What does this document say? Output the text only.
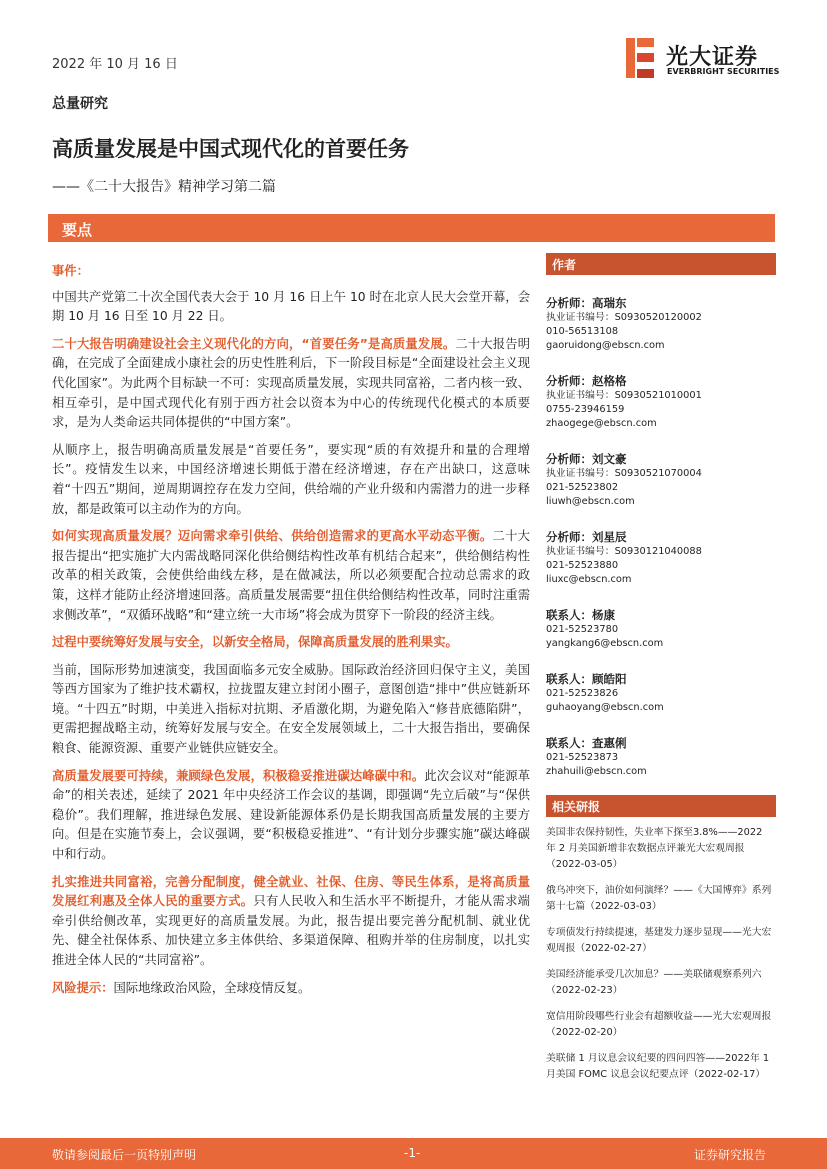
2022 年 10 月 16 日	光大证券
EVERBRIGHT SECURITIES
总量研究
高质量发展是中国式现代化的首要任务
——《二十大报告》精神学习第二篇
要点

事件：

中国共产党第二十次全国代表大会于 10 月 16 日上午 10 时在北京人民大会堂开幕，会期 10 月 16 日至 10 月 22 日。

二十大报告明确建设社会主义现代化的方向，“首要任务”是高质量发展。二十大报告明确，在完成了全面建成小康社会的历史性胜利后，下一阶段目标是“全面建设社会主义现代化国家”。为此两个目标缺一不可：实现高质量发展，实现共同富裕，二者内核一致、相互牵引，是中国式现代化有别于西方社会以资本为中心的传统现代化模式的本质要求，是为人类命运共同体提供的“中国方案”。

从顺序上，报告明确高质量发展是“首要任务”，要实现“质的有效提升和量的合理增长”。疫情发生以来，中国经济增速长期低于潜在经济增速，存在产出缺口，这意味着“十四五”期间，逆周期调控存在发力空间，供给端的产业升级和内需潜力的进一步释放，都是政策可以主动作为的方向。

如何实现高质量发展？迈向需求牵引供给、供给创造需求的更高水平动态平衡。二十大报告提出“把实施扩大内需战略同深化供给侧结构性改革有机结合起来”，供给侧结构性改革的相关政策，会使供给曲线左移，是在做减法，所以必须要配合拉动总需求的政策，这样才能防止经济增速回落。高质量发展需要“扭住供给侧结构性改革，同时注重需求侧改革”，“双循环战略”和“建立统一大市场”将会成为贯穿下一阶段的经济主线。

过程中要统筹好发展与安全，以新安全格局，保障高质量发展的胜利果实。

当前，国际形势加速演变，我国面临多元安全威胁。国际政治经济回归保守主义，美国等西方国家为了维护技术霸权，拉拢盟友建立封闭小圈子，意图创造“排中”供应链新环境。“十四五”时期，中美进入指标对抗期、矛盾激化期，为避免陷入“修昔底德陷阱”，更需把握战略主动，统筹好发展与安全。在安全发展领域上，二十大报告指出，要确保粮食、能源资源、重要产业链供应链安全。

高质量发展要可持续，兼顾绿色发展，积极稳妥推进碳达峰碳中和。此次会议对“能源革命”的相关表述，延续了 2021 年中央经济工作会议的基调，即强调“先立后破”与“保供稳价”。我们理解，推进绿色发展、建设新能源体系仍是长期我国高质量发展的主要方向。但是在实施节奏上，会议强调，要“积极稳妥推进”、“有计划分步骤实施”碳达峰碳中和行动。

扎实推进共同富裕，完善分配制度，健全就业、社保、住房、等民生体系，是将高质量发展红利惠及全体人民的重要方式。只有人民收入和生活水平不断提升，才能从需求端牵引供给侧改革，实现更好的高质量发展。为此，报告提出要完善分配机制、就业优先、健全社保体系、加快建立多主体供给、多渠道保障、租购并举的住房制度，以扎实推进全体人民的“共同富裕”。

风险提示：国际地缘政治风险，全球疫情反复。

作者
分析师：高瑞东
执业证书编号：S0930520120002
010-56513108
gaoruidong@ebscn.com
分析师：赵格格
执业证书编号：S0930521010001
0755-23946159
zhaogege@ebscn.com
分析师：刘文豪
执业证书编号：S0930521070004
021-52523802
liuwh@ebscn.com
分析师：刘星辰
执业证书编号：S0930121040088
021-52523880
liuxc@ebscn.com
联系人：杨康
021-52523780
yangkang6@ebscn.com
联系人：顾皓阳
021-52523826
guhaoyang@ebscn.com
联系人：查惠俐
021-52523873
zhahuili@ebscn.com
相关研报
美国非农保持韧性，失业率下探至3.8%——2022 年 2 月美国新增非农数据点评兼光大宏观周报（2022-03-05）
俄乌冲突下，油价如何演绎？——《大国博弈》系列第十七篇（2022-03-03）
专项债发行持续提速，基建发力逐步显现——光大宏观周报（2022-02-27）
美国经济能承受几次加息？——美联储观察系列六（2022-02-23）
宽信用阶段哪些行业会有超额收益——光大宏观周报（2022-02-20）
美联储 1 月议息会议纪要的四问四答——2022年 1 月美国 FOMC 议息会议纪要点评（2022-02-17）
敬请参阅最后一页特别声明	-1-	证券研究报告
